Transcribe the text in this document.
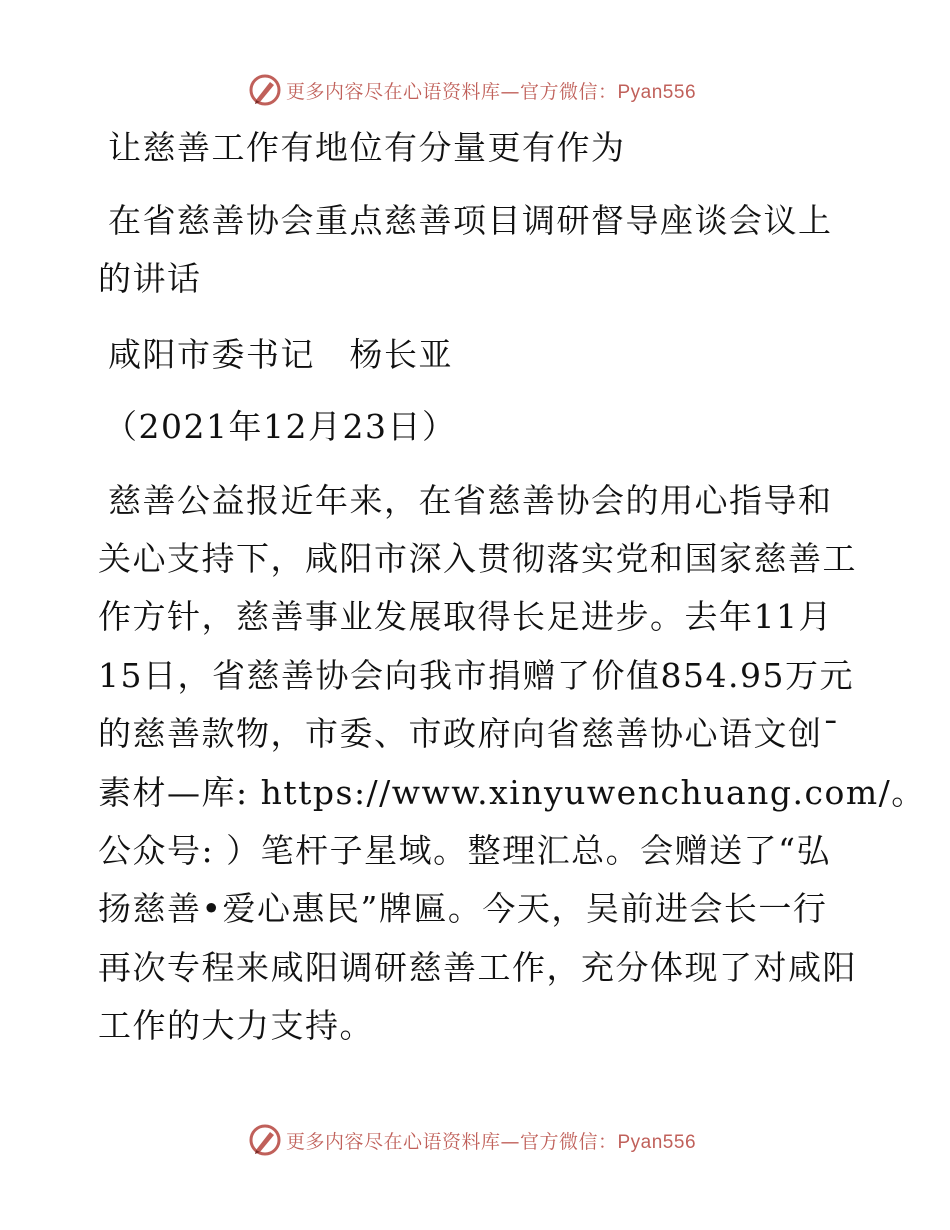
更多内容尽在心语资料库—官方微信：Pyan556
让慈善工作有地位有分量更有作为
在省慈善协会重点慈善项目调研督导座谈会议上
的讲话
咸阳市委书记　杨长亚
（2021年12月23日）
慈善公益报近年来，在省慈善协会的用心指导和
关心支持下，咸阳市深入贯彻落实党和国家慈善工
作方针，慈善事业发展取得长足进步。去年11月
15日，省慈善协会向我市捐赠了价值854.95万元
的慈善款物，市委、市政府向省慈善协心语文创¯
素材—库: https://www.xinyuwenchuang.com/。
公众号: ）笔杆子星域。整理汇总。会赠送了“弘
扬慈善•爱心惠民”牌匾。今天，吴前进会长一行
再次专程来咸阳调研慈善工作，充分体现了对咸阳
工作的大力支持。
更多内容尽在心语资料库—官方微信：Pyan556
